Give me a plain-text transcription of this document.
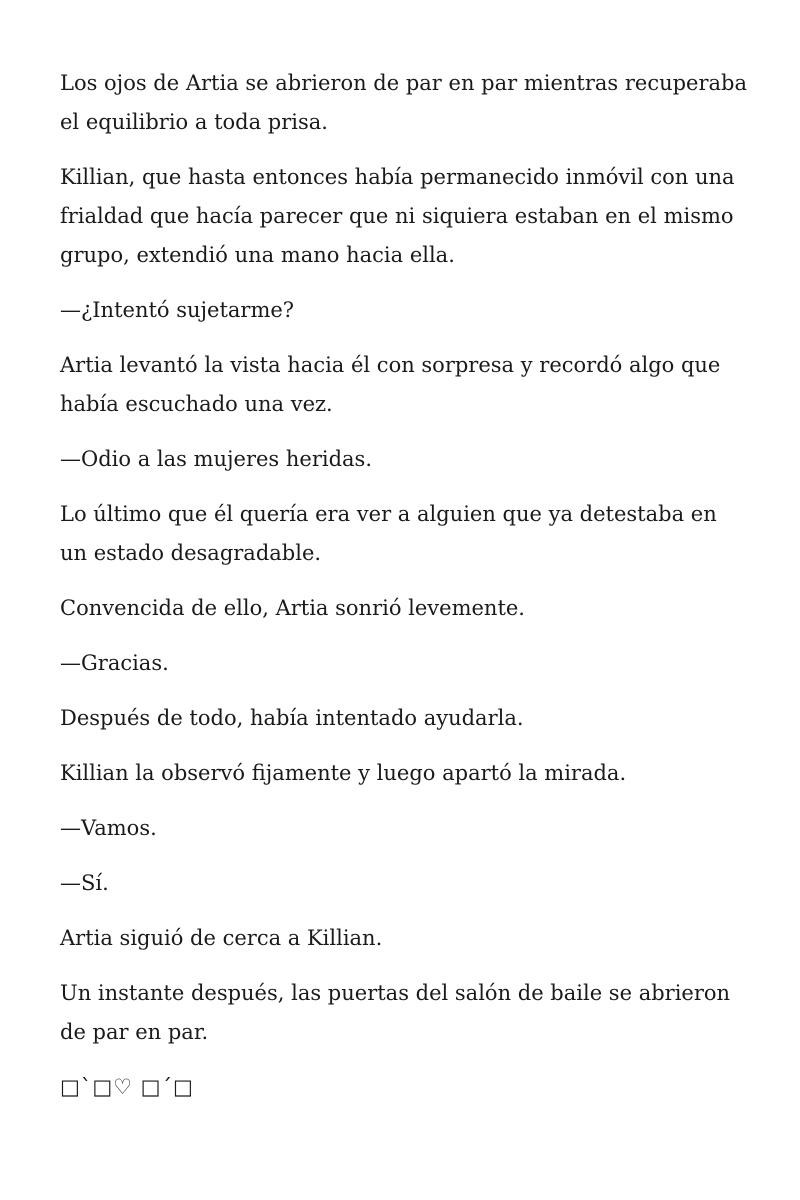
Los ojos de Artia se abrieron de par en par mientras recuperaba el equilibrio a toda prisa.

Killian, que hasta entonces había permanecido inmóvil con una frialdad que hacía parecer que ni siquiera estaban en el mismo grupo, extendió una mano hacia ella.

—¿Intentó sujetarme?

Artia levantó la vista hacia él con sorpresa y recordó algo que había escuchado una vez.

—Odio a las mujeres heridas.

Lo último que él quería era ver a alguien que ya detestaba en un estado desagradable.

Convencida de ello, Artia sonrió levemente.

—Gracias.

Después de todo, había intentado ayudarla.

Killian la observó fijamente y luego apartó la mirada.

—Vamos.

—Sí.

Artia siguió de cerca a Killian.

Un instante después, las puertas del salón de baile se abrieron de par en par.

□`□♡ □´□
